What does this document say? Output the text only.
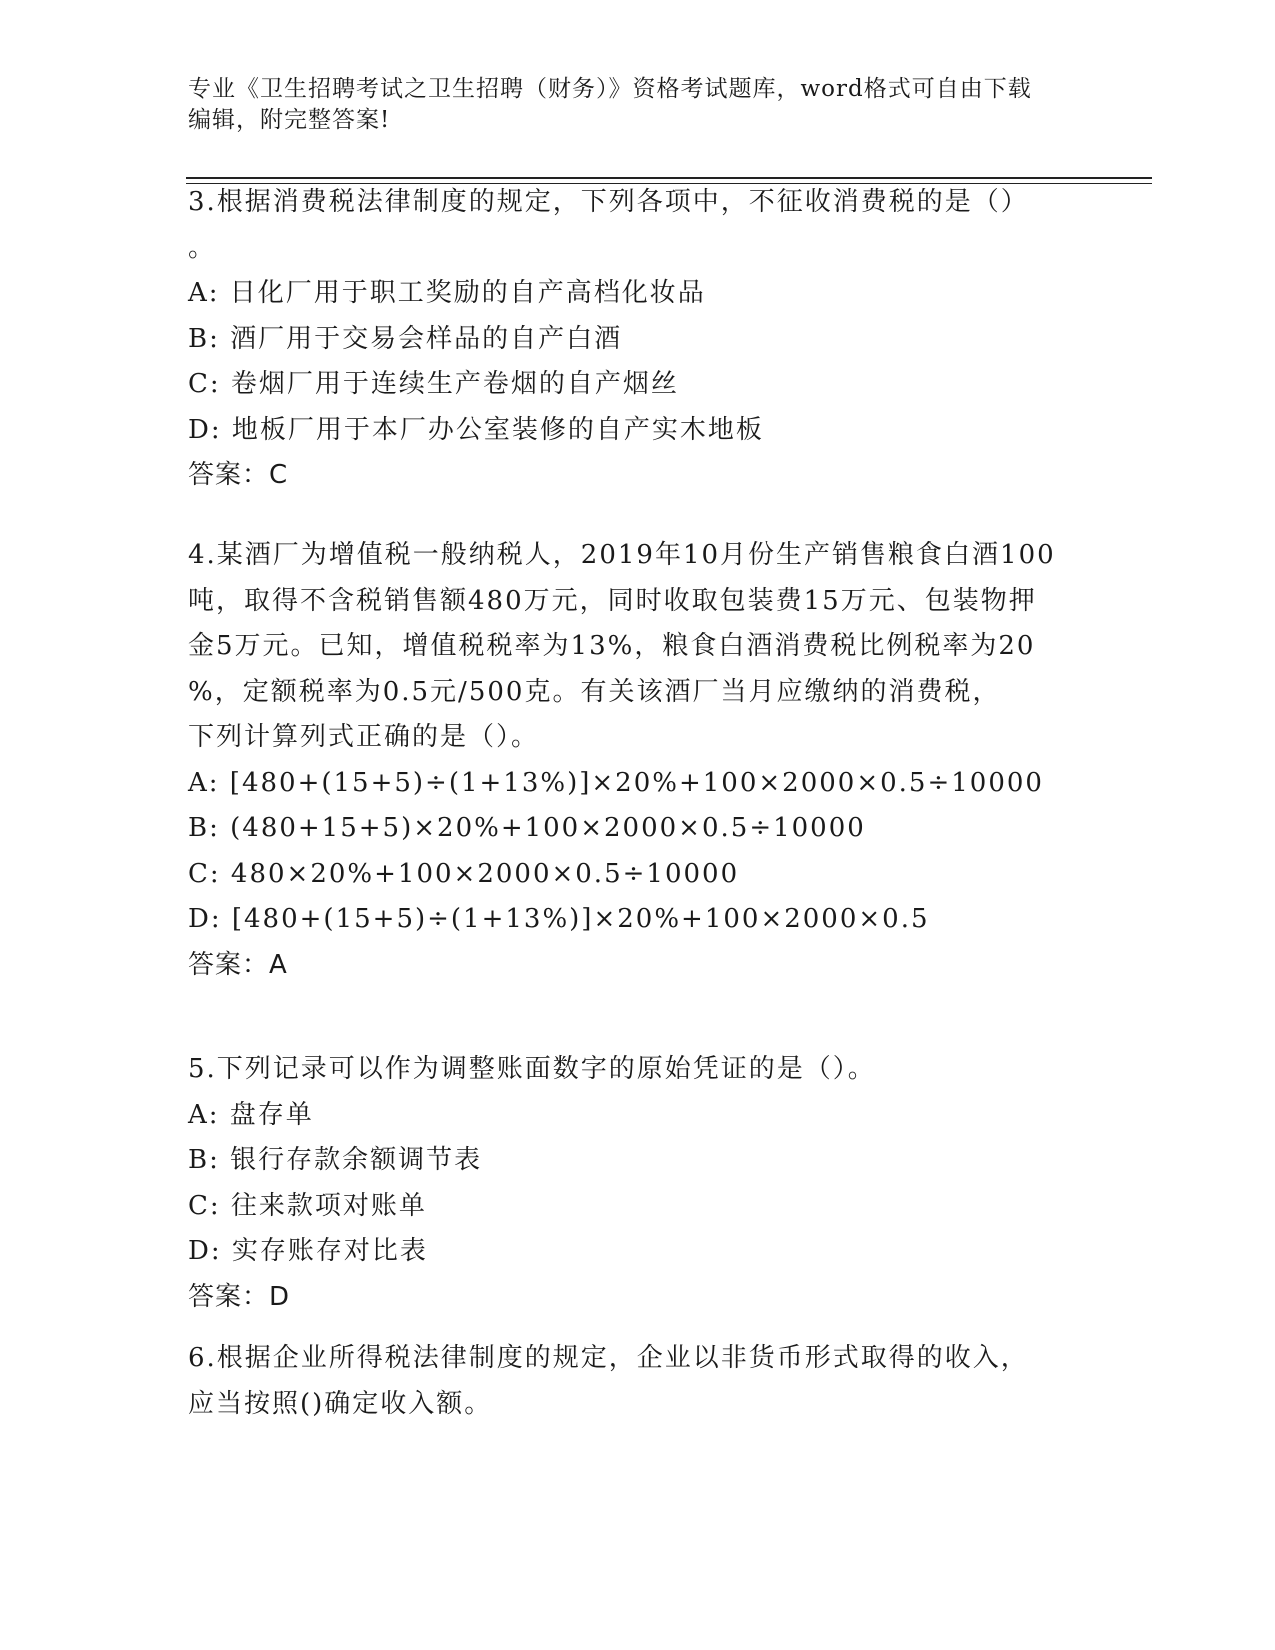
专业《卫生招聘考试之卫生招聘（财务）》资格考试题库，word格式可自由下载
编辑，附完整答案!
3.根据消费税法律制度的规定，下列各项中，不征收消费税的是（）
。
A: 日化厂用于职工奖励的自产高档化妆品
B: 酒厂用于交易会样品的自产白酒
C: 卷烟厂用于连续生产卷烟的自产烟丝
D: 地板厂用于本厂办公室装修的自产实木地板
答案：C
4.某酒厂为增值税一般纳税人，2019年10月份生产销售粮食白酒100
吨，取得不含税销售额480万元，同时收取包装费15万元、包装物押
金5万元。已知，增值税税率为13%，粮食白酒消费税比例税率为20
%，定额税率为0.5元/500克。有关该酒厂当月应缴纳的消费税，
下列计算列式正确的是（）。
A: [480+(15+5)÷(1+13%)]×20%+100×2000×0.5÷10000
B: (480+15+5)×20%+100×2000×0.5÷10000
C: 480×20%+100×2000×0.5÷10000
D: [480+(15+5)÷(1+13%)]×20%+100×2000×0.5
答案：A
5.下列记录可以作为调整账面数字的原始凭证的是（）。
A: 盘存单
B: 银行存款余额调节表
C: 往来款项对账单
D: 实存账存对比表
答案：D
6.根据企业所得税法律制度的规定，企业以非货币形式取得的收入，
应当按照()确定收入额。
